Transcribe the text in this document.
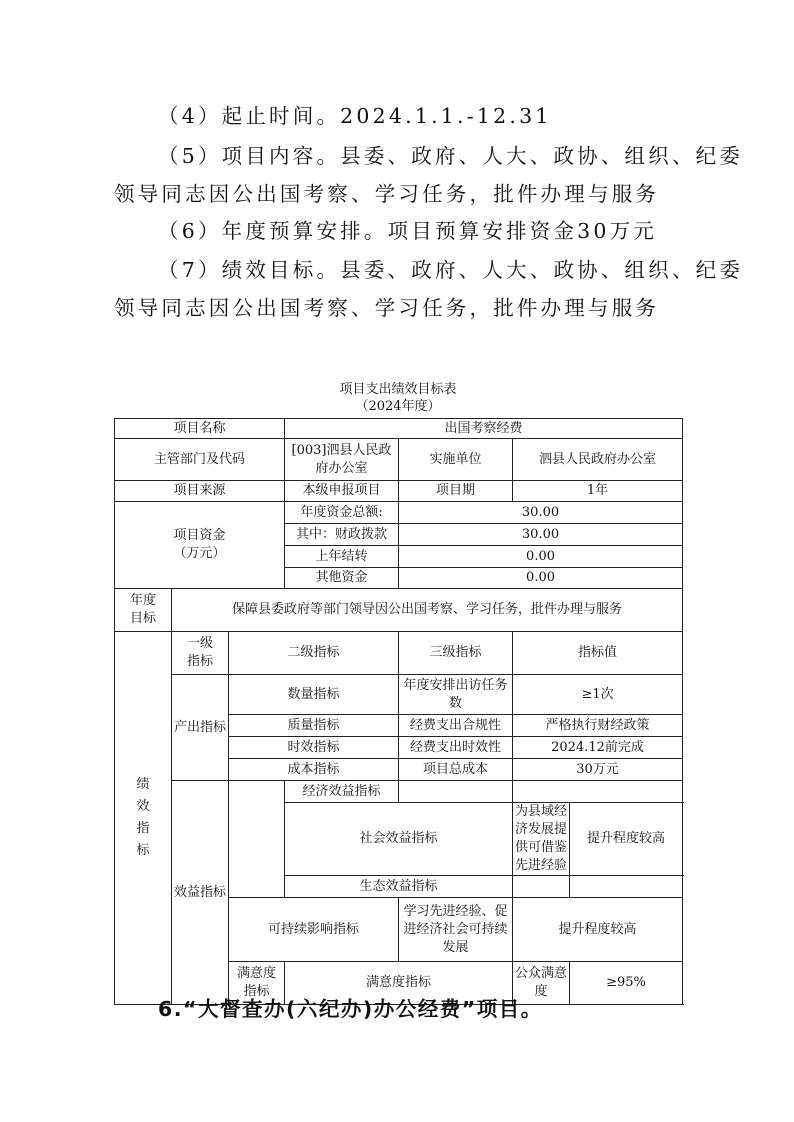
（4）起止时间。2024.1.1.-12.31
（5）项目内容。县委、政府、人大、政协、组织、纪委
领导同志因公出国考察、学习任务，批件办理与服务
（6）年度预算安排。项目预算安排资金30万元
（7）绩效目标。县委、政府、人大、政协、组织、纪委
领导同志因公出国考察、学习任务，批件办理与服务
项目支出绩效目标表
（2024年度）
项目名称			出国考察经费			
主管部门及代码			[003]泗县人民政府办公室	实施单位	泗县人民政府办公室	
项目来源			本级申报项目	项目期	1年	

项目资金
（万元）			年度资金总额:	30.00		
			其中：财政拨款	30.00		
			上年结转	0.00		
			其他资金	0.00		
年度目标	保障县委政府等部门领导因公出国考察、学习任务，批件办理与服务					
绩效指标	一级指标	二级指标		三级指标	指标值	
	产出指标	数量指标		年度安排出访任务数	≥1次	
		质量指标		经费支出合规性	严格执行财经政策	
		时效指标		经费支出时效性	2024.12前完成	
		成本指标		项目总成本	30万元	
	效益指标		经济效益指标			
			社会效益指标		为县域经济发展提供可借鉴先进经验	提升程度较高
			生态效益指标			
		可持续影响指标		学习先进经验、促进经济社会可持续发展	提升程度较高	
		满意度指标	满意度指标		公众满意度	≥95%
6.“大督查办(六纪办)办公经费”项目。
